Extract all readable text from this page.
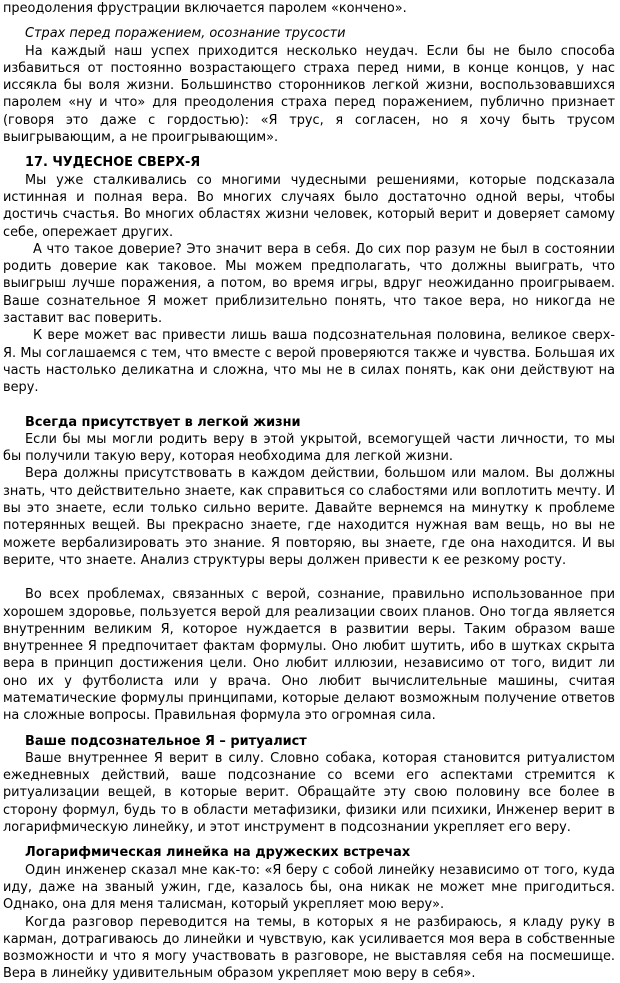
преодоления фрустрации включается паролем «кончено».

Страх перед поражением, осознание трусости

На каждый наш успех приходится несколько неудач. Если бы не было способа избавиться от постоянно возрастающего страха перед ними, в конце концов, у нас иссякла бы воля жизни. Большинство сторонников легкой жизни, воспользовавшихся паролем «ну и что» для преодоления страха перед поражением, публично признает (говоря это даже с гордостью): «Я трус, я согласен, но я хочу быть трусом выигрывающим, а не проигрывающим».

17. ЧУДЕСНОЕ СВЕРХ-Я

Мы уже сталкивались со многими чудесными решениями, которые подсказала истинная и полная вера. Во многих случаях было достаточно одной веры, чтобы достичь счастья. Во многих областях жизни человек, который верит и доверяет самому себе, опережает других.

А что такое доверие? Это значит вера в себя. До сих пор разум не был в состоянии родить доверие как таковое. Мы можем предполагать, что должны выиграть, что выигрыш лучше поражения, а потом, во время игры, вдруг неожиданно проигрываем. Ваше сознательное Я может приблизительно понять, что такое вера, но никогда не заставит вас поверить.

К вере может вас привести лишь ваша подсознательная половина, великое сверх-Я. Мы соглашаемся с тем, что вместе с верой проверяются также и чувства. Большая их часть настолько деликатна и сложна, что мы не в силах понять, как они действуют на веру.

Всегда присутствует в легкой жизни

Если бы мы могли родить веру в этой укрытой, всемогущей части личности, то мы бы получили такую веру, которая необходима для легкой жизни.

Вера должны присутствовать в каждом действии, большом или малом. Вы должны знать, что действительно знаете, как справиться со слабостями или воплотить мечту. И вы это знаете, если только сильно верите. Давайте вернемся на минутку к проблеме потерянных вещей. Вы прекрасно знаете, где находится нужная вам вещь, но вы не можете вербализировать это знание. Я повторяю, вы знаете, где она находится. И вы верите, что знаете. Анализ структуры веры должен привести к ее резкому росту.

Во всех проблемах, связанных с верой, сознание, правильно использованное при хорошем здоровье, пользуется верой для реализации своих планов. Оно тогда является внутренним великим Я, которое нуждается в развитии веры. Таким образом ваше внутреннее Я предпочитает фактам формулы. Оно любит шутить, ибо в шутках скрыта вера в принцип достижения цели. Оно любит иллюзии, независимо от того, видит ли оно их у футболиста или у врача. Оно любит вычислительные машины, считая математические формулы принципами, которые делают возможным получение ответов на сложные вопросы. Правильная формула это огромная сила.

Ваше подсознательное Я – ритуалист

Ваше внутреннее Я верит в силу. Словно собака, которая становится ритуалистом ежедневных действий, ваше подсознание со всеми его аспектами стремится к ритуализации вещей, в которые верит. Обращайте эту свою половину все более в сторону формул, будь то в области метафизики, физики или психики, Инженер верит в логарифмическую линейку, и этот инструмент в подсознании укрепляет его веру.

Логарифмическая линейка на дружеских встречах

Один инженер сказал мне как-то: «Я беру с собой линейку независимо от того, куда иду, даже на званый ужин, где, казалось бы, она никак не может мне пригодиться. Однако, она для меня талисман, который укрепляет мою веру».

Когда разговор переводится на темы, в которых я не разбираюсь, я кладу руку в карман, дотрагиваюсь до линейки и чувствую, как усиливается моя вера в собственные возможности и что я могу участвовать в разговоре, не выставляя себя на посмешище. Вера в линейку удивительным образом укрепляет мою веру в себя».
